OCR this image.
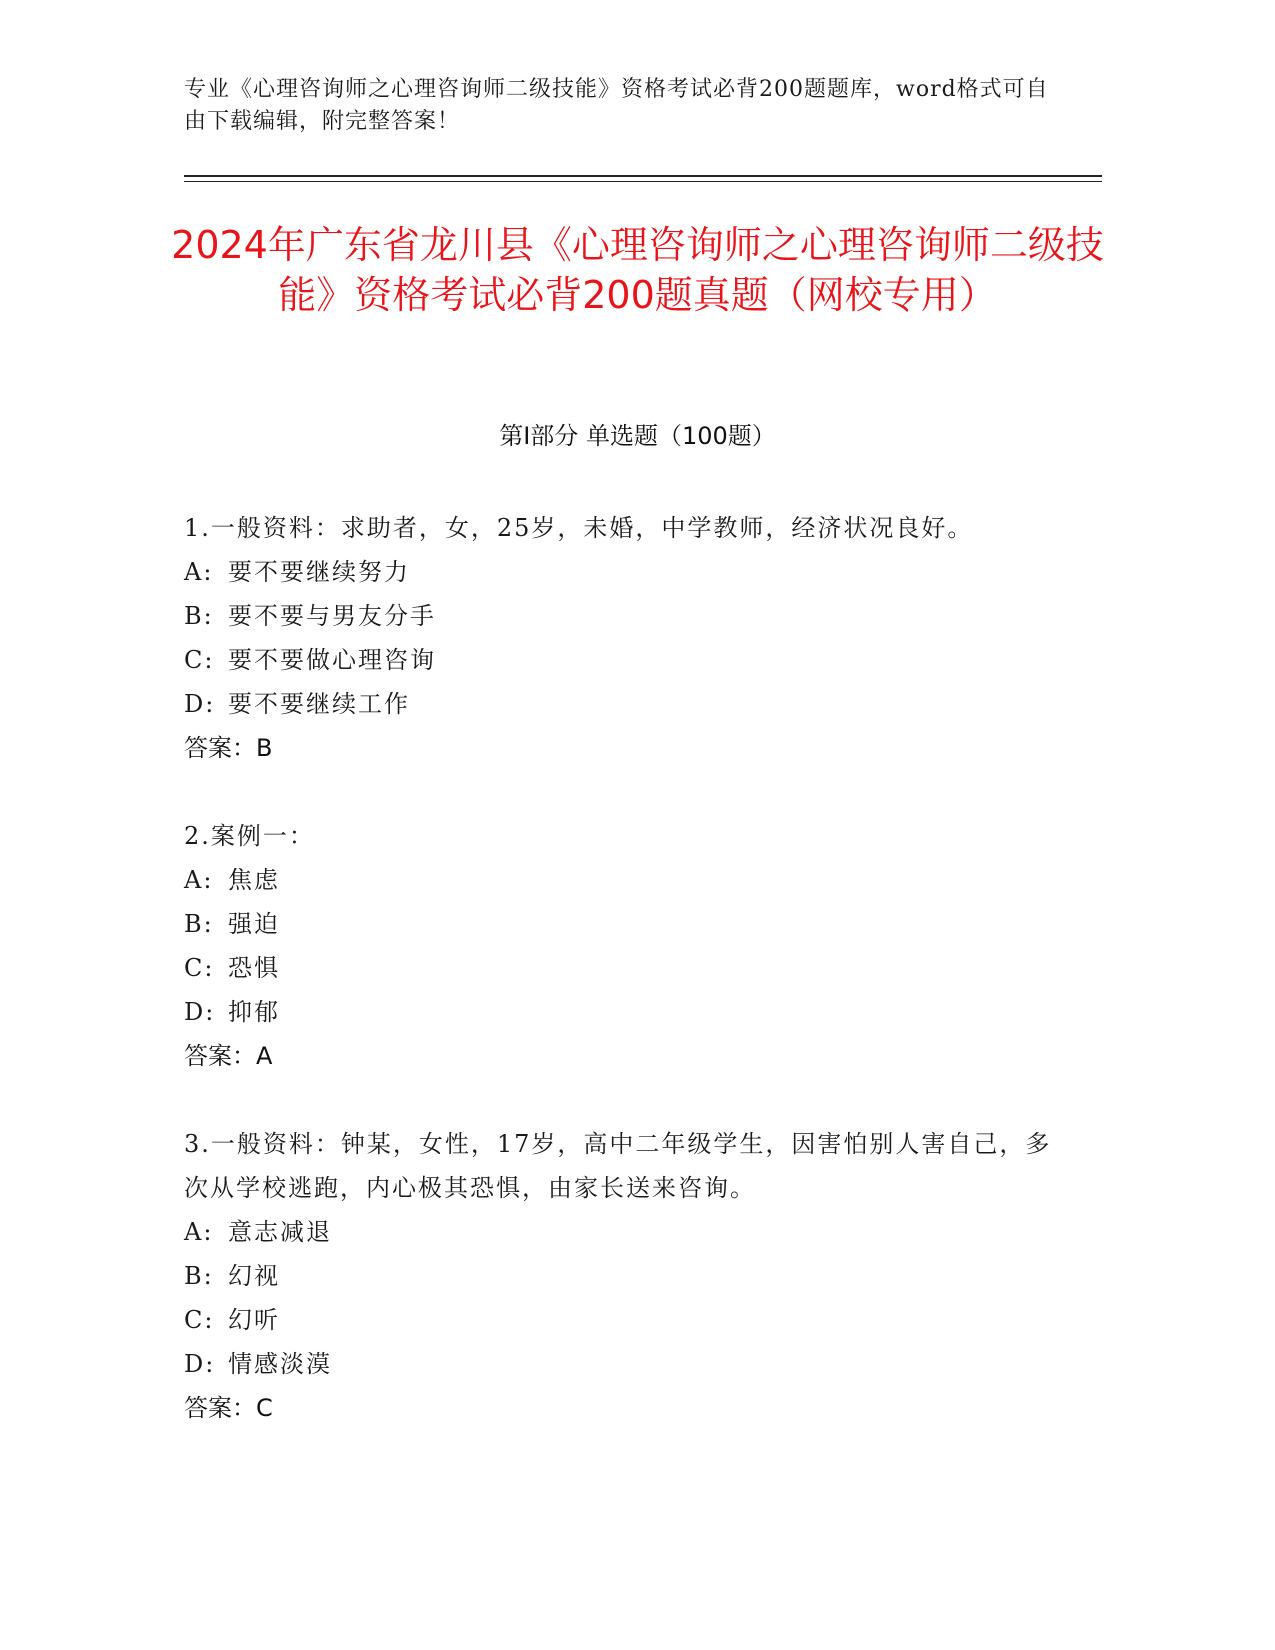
专业《心理咨询师之心理咨询师二级技能》资格考试必背200题题库，word格式可自由下载编辑，附完整答案！
2024年广东省龙川县《心理咨询师之心理咨询师二级技能》资格考试必背200题真题（网校专用）
第Ⅰ部分 单选题（100题）
1.一般资料：求助者，女，25岁，未婚，中学教师，经济状况良好。
A: 要不要继续努力
B: 要不要与男友分手
C: 要不要做心理咨询
D: 要不要继续工作
答案：B
2.案例一：
A: 焦虑
B: 强迫
C: 恐惧
D: 抑郁
答案：A
3.一般资料：钟某，女性，17岁，高中二年级学生，因害怕别人害自己，多次从学校逃跑，内心极其恐惧，由家长送来咨询。
A: 意志减退
B: 幻视
C: 幻听
D: 情感淡漠
答案：C
